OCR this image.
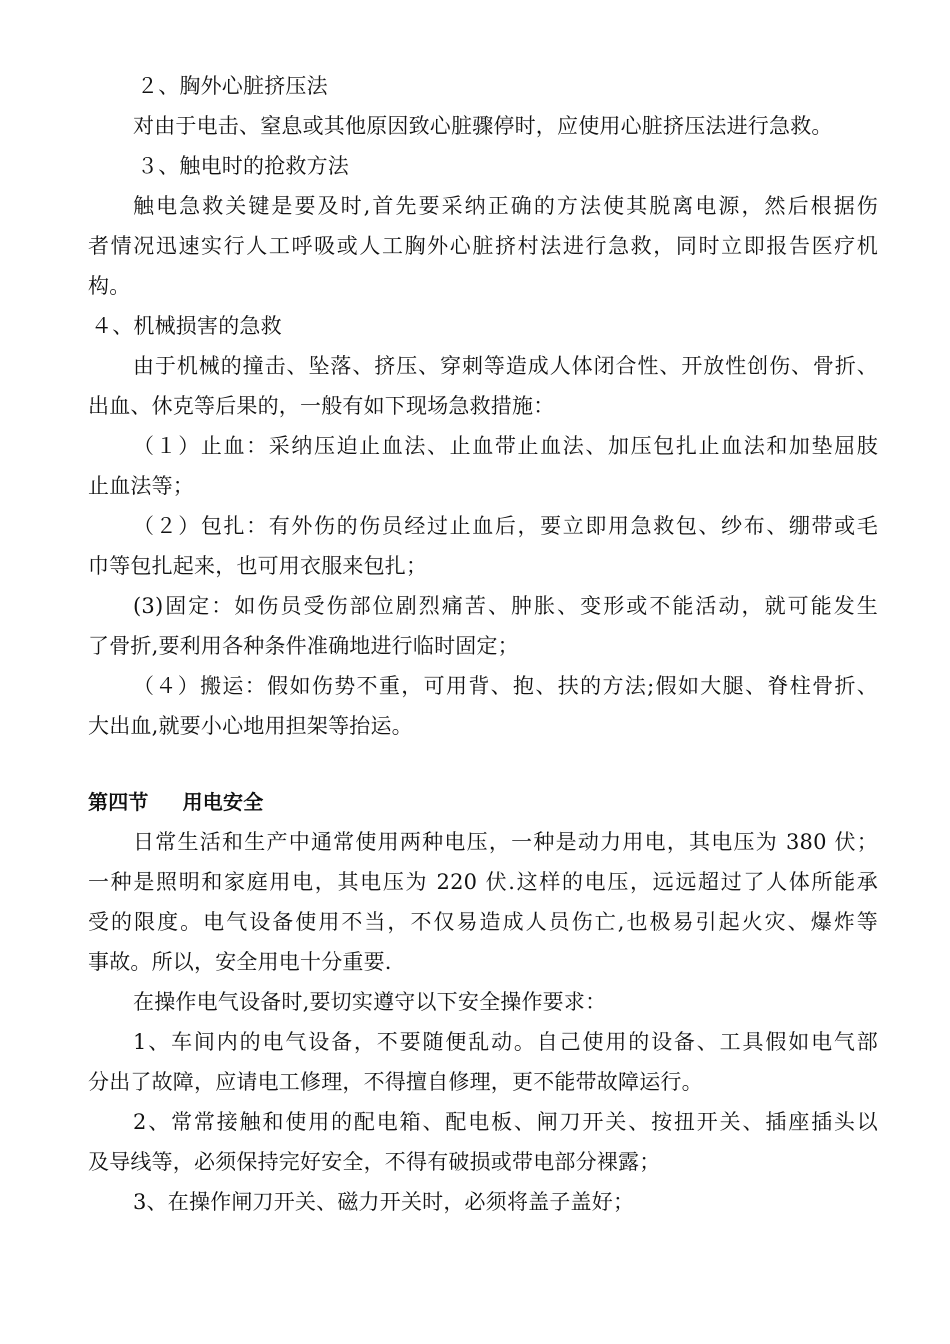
２、胸外心脏挤压法
对由于电击、窒息或其他原因致心脏骤停时，应使用心脏挤压法进行急救。
３、触电时的抢救方法
触电急救关键是要及时,首先要采纳正确的方法使其脱离电源，然后根据伤
者情况迅速实行人工呼吸或人工胸外心脏挤村法进行急救，同时立即报告医疗机
构。
４、机械损害的急救
由于机械的撞击、坠落、挤压、穿刺等造成人体闭合性、开放性创伤、骨折、
出血、休克等后果的，一般有如下现场急救措施：
（１）止血：采纳压迫止血法、止血带止血法、加压包扎止血法和加垫屈肢
止血法等；
（２）包扎：有外伤的伤员经过止血后，要立即用急救包、纱布、绷带或毛
巾等包扎起来，也可用衣服来包扎；
(3)固定：如伤员受伤部位剧烈痛苦、肿胀、变形或不能活动，就可能发生
了骨折,要利用各种条件准确地进行临时固定；
（４）搬运：假如伤势不重，可用背、抱、扶的方法;假如大腿、脊柱骨折、
大出血,就要小心地用担架等抬运。
第四节 用电安全
日常生活和生产中通常使用两种电压，一种是动力用电，其电压为 380 伏；
一种是照明和家庭用电，其电压为 220 伏.这样的电压，远远超过了人体所能承
受的限度。电气设备使用不当，不仅易造成人员伤亡,也极易引起火灾、爆炸等
事故。所以，安全用电十分重要.
在操作电气设备时,要切实遵守以下安全操作要求：
1、车间内的电气设备，不要随便乱动。自己使用的设备、工具假如电气部
分出了故障，应请电工修理，不得擅自修理，更不能带故障运行。
2、常常接触和使用的配电箱、配电板、闸刀开关、按扭开关、插座插头以
及导线等，必须保持完好安全，不得有破损或带电部分裸露；
3、在操作闸刀开关、磁力开关时，必须将盖子盖好；
